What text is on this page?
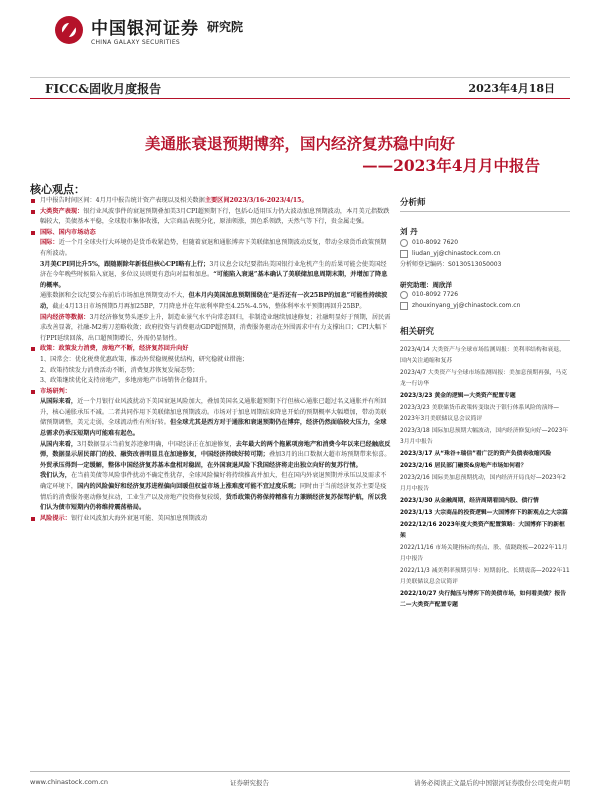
中国银河证券
CHINA GALAXY SECURITIES
研究院
FICC&固收月度报告	2023年4月18日
美通胀衰退预期博弈，国内经济复苏稳中向好
——2023年4月月中报告
核心观点：
月中报告时间区间：4月月中报告统计资产表现以及相关数据主要区间2023/3/16-2023/4/15。
大类资产表现：银行业风波事件的衰退预期叠加美3月CPI超预期下行，包括心适用压力仍大波动加息预期波动，本月美元指数跌幅较大，美债基本平稳，全球股市集体收涨，大宗商品表现分化，原油领涨，黑色系领跌，天然气等下行，贵金属走强。
国际、国内市场动态
国际：近一个月全球央行大环境仍是货币收紧趋势，但随着衰退和通胀博弈下美联储加息预期波动反复，带动全球货币政策预期有所波动。
3月美CPI同比升5%，跟随剔除年新低但核心CPI略有上行；3月议息会议纪要指出美国银行业危机产生的后果可能会使美国经济在今年晚些时候陷入衰退，多位议员则更有意向对温和加息。“可能陷入衰退”基本确认了美联储加息周期末期，并增加了降息的概率。
通胀数据和会议纪要公布前后市场加息预期变动不大，但本月内美国加息预期围绕在“是否还有一次25BP的加息”可能性持续波动，截止4月13日市场预期5月再加25BP，7月降息并在年底利率降至4.25%-4.5%，整体利率水平预期再回升25BP。
国内经济等数据：3月经济修复势头逐步上升，制造业景气水平向常态回归，非制造业继续加速修复；社融明显好于预期，居民需求改善显著，社融-M2剪刀差略收敛；政府投资与消费驱动GDP超预期，消费服务驱动在外围需求中有力支撑出口；CPI大幅下行PPI延续回落，出口超预期增长，外需仍显韧性。
政策：政策发力消费，房地产不断，经济复苏回升向好
1、国常会：优化税费优惠政策，推动外贸稳规模优结构，研究稳就业措施；
2、政策持续发力消费活动不断，消费复苏恢复发展态势；
3、政策继续优化支持房地产，多地房地产市场销售企稳回升。
市场研判：
从国际来看，近一个月银行业风波扰动下美国衰退风险加大，叠加美国名义通胀超预期下行但核心通胀已超过名义通胀并有所回升，核心通胀承压不减。二者共同作用下美联储加息预期波动。市场对于加息周期结束降息开始的预期概率大幅增加，带动美联储预期调整，美元走弱，全球流动性有所好转。但全球尤其是西方对于通胀和衰退预期仍在博弈，经济仍然面临较大压力，全球总需求仍承压短期内可能难有起色。
从国内来看，3月数据显示当前复苏迹象明确，中国经济正在加速修复，去年最大的两个拖累项房地产和消费今年以来已经触底反弹，数据显示居民部门的投、融资改善明显且在加速修复，中国经济持续好转可期；叠加3月的出口数据大超市场预期带来惊喜。外贸承压得到一定缓解，整体中国经济复苏基本盘相对稳固，在外国衰退风险下我国经济将走出独立向好的复苏行情。
我们认为，在当前美债等风险事件扰动不确定性犹存，全球风险偏好将持续推高并加大，但在国内外衰退预期并承压以及需求不确定环境下，国内的风险偏好和经济复苏进程偏向回暖但权益市场上涨难度可能不宜过度乐观；同时由于当前经济复苏主要是疫情后的消费服务驱动修复拉动，工业生产以及房地产投资修复较缓，货币政策仍将保持精准有力兼顾经济复苏保驾护航，所以我们认为债市短期内仍将维持震荡格局。
风险提示：银行业风波加大海外衰退可能、美国加息预期波动
分析师
刘 丹
010-8092 7620
liudan_yj@chinastock.com.cn
分析师登记编码：S0130513050003
研究助理：周欣洋
010-8092 7726
zhouxinyang_yj@chinastock.com.cn
相关研究
2023/4/14 大类资产与全球市场监测周报：美利率结构和衰退，国内关注通缩和复苏
2023/4/7 大类资产与全球市场监测周报：美加息预期再强，马克龙一行访华
2023/3/23 黄金的逻辑—大类资产配置专题
2023/3/23 美联储货币政策转变取决于银行体系风险的演绎—2023年3月美联储议息会议简评
2023/3/18 国际加息预期大幅波动，国内经济修复向好—2023年3月月中报告
2023/3/17 从“珠谷+瑞信”看广泛的资产负债表收缩风险
2023/2/16 居民部门融资&房地产市场如何看？
2023/2/16 国际美加息预期扰动，国内经济开局良好—2023年2月月中报告
2023/1/30 从金融周期，经济周期看国内股、债行情
2023/1/13 大宗商品的投资逻辑—大国博弈下的新观点之大宗篇
2022/12/16 2023年度大类资产配置策略：大国博弈下的新框架
2022/11/16 市场关键指标的拐点、股、债跷跷板—2022年11月月中报告
2022/11/3 减美利率预期引导：短期弱化、长期震荡—2022年11月美联储议息会议简评
2022/10/27 央行抛压与博弈下的美债市场，如何看美债？报告二—大类资产配置专题
www.chinastock.com.cn	证券研究报告	请务必阅读正文最后的中国银河证券股份公司免责声明
